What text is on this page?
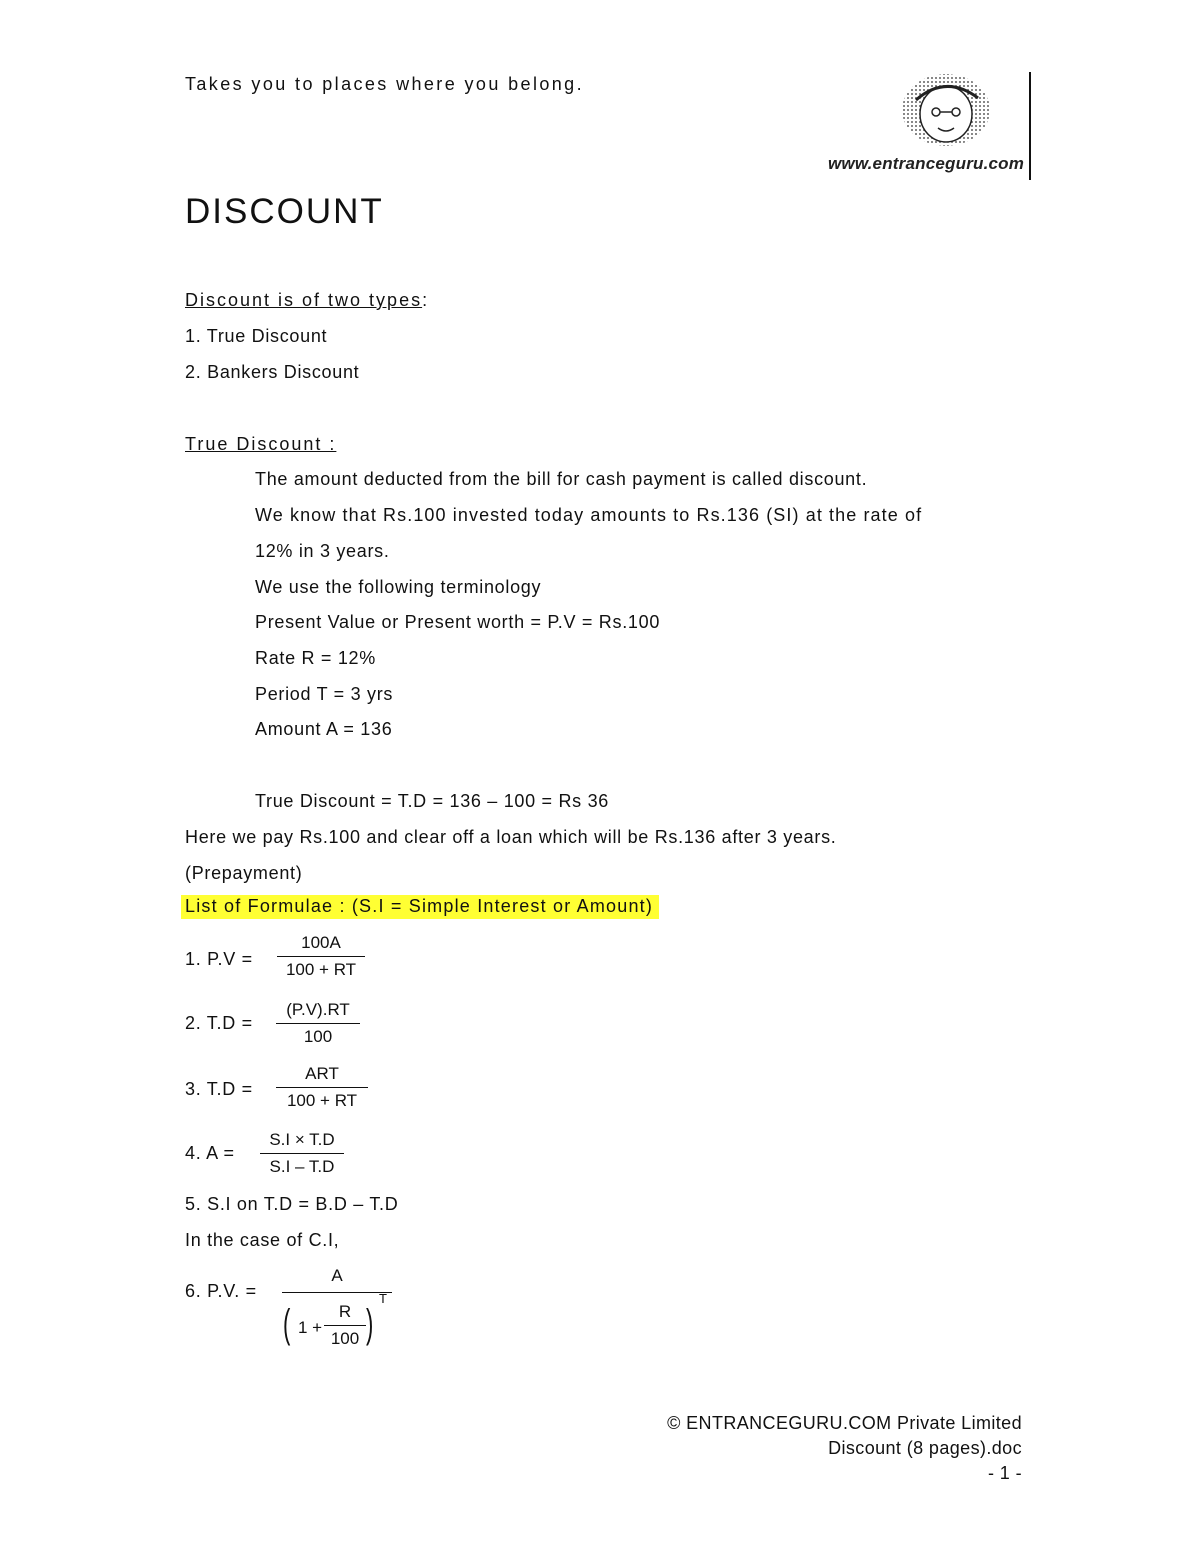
Takes you to places where you belong.
www.entranceguru.com
DISCOUNT
Discount is of two types:
1. True Discount
2. Bankers Discount
True Discount :
The amount deducted from the bill for cash payment is called discount.
We know that Rs.100 invested today amounts to Rs.136 (SI) at the rate of
12% in 3 years.
We use the following terminology
Present Value or Present worth = P.V = Rs.100
Rate R = 12%
Period T = 3 yrs
Amount A = 136
True Discount = T.D = 136 – 100 = Rs 36
Here we pay Rs.100 and clear off a loan which will be Rs.136 after 3 years.
(Prepayment)
List of Formulae : (S.I = Simple Interest or Amount)
1. $P.V = \frac{100A}{100 + RT}$
2. $T.D = \frac{(P.V).RT}{100}$
3. T.D =
ART
100 + RT
4. $A = \frac{S.I \times T.D}{S.I - T.D}$
5. S.I on T.D = B.D – T.D
In the case of C.I,
6. P.V. =
A
( $1 + \frac{R}{100}$ )
T
© ENTRANCEGURU.COM Private Limited
Discount (8 pages).doc
- 1 -
